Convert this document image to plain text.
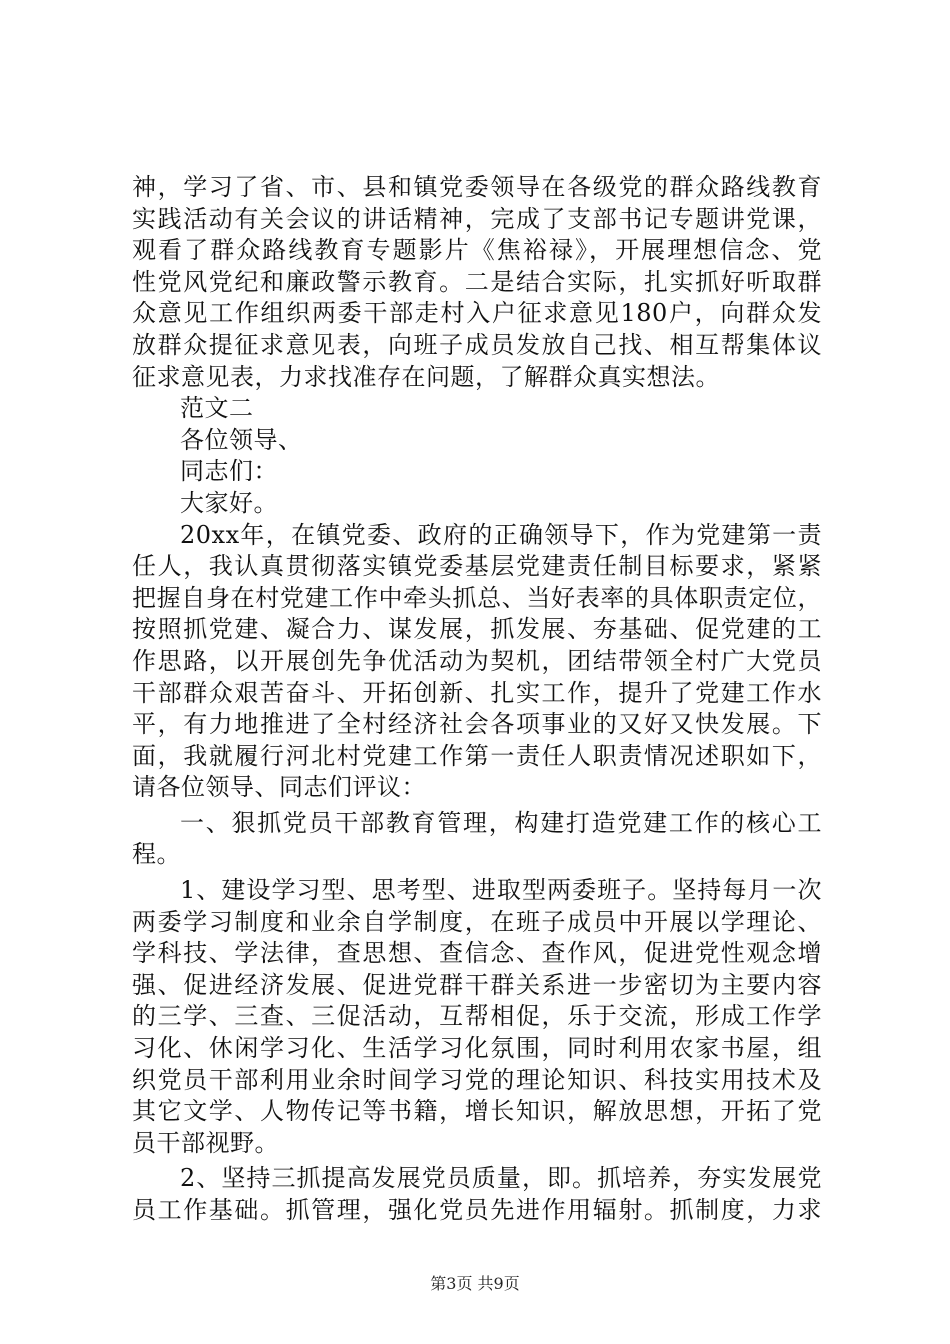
神，学习了省、市、县和镇党委领导在各级党的群众路线教育
实践活动有关会议的讲话精神，完成了支部书记专题讲党课，
观看了群众路线教育专题影片《焦裕禄》，开展理想信念、党
性党风党纪和廉政警示教育。二是结合实际，扎实抓好听取群
众意见工作组织两委干部走村入户征求意见180户，向群众发
放群众提征求意见表，向班子成员发放自己找、相互帮集体议
征求意见表，力求找准存在问题，了解群众真实想法。

范文二

各位领导、

同志们：

大家好。

20xx年，在镇党委、政府的正确领导下，作为党建第一责
任人，我认真贯彻落实镇党委基层党建责任制目标要求，紧紧
把握自身在村党建工作中牵头抓总、当好表率的具体职责定位，
按照抓党建、凝合力、谋发展，抓发展、夯基础、促党建的工
作思路，以开展创先争优活动为契机，团结带领全村广大党员
干部群众艰苦奋斗、开拓创新、扎实工作，提升了党建工作水
平，有力地推进了全村经济社会各项事业的又好又快发展。下
面，我就履行河北村党建工作第一责任人职责情况述职如下，
请各位领导、同志们评议：

一、狠抓党员干部教育管理，构建打造党建工作的核心工
程。

1、建设学习型、思考型、进取型两委班子。坚持每月一次
两委学习制度和业余自学制度，在班子成员中开展以学理论、
学科技、学法律，查思想、查信念、查作风，促进党性观念增
强、促进经济发展、促进党群干群关系进一步密切为主要内容
的三学、三查、三促活动，互帮相促，乐于交流，形成工作学
习化、休闲学习化、生活学习化氛围，同时利用农家书屋，组
织党员干部利用业余时间学习党的理论知识、科技实用技术及
其它文学、人物传记等书籍，增长知识，解放思想，开拓了党
员干部视野。

2、坚持三抓提高发展党员质量，即。抓培养，夯实发展党
员工作基础。抓管理，强化党员先进作用辐射。抓制度，力求

第3页 共9页
